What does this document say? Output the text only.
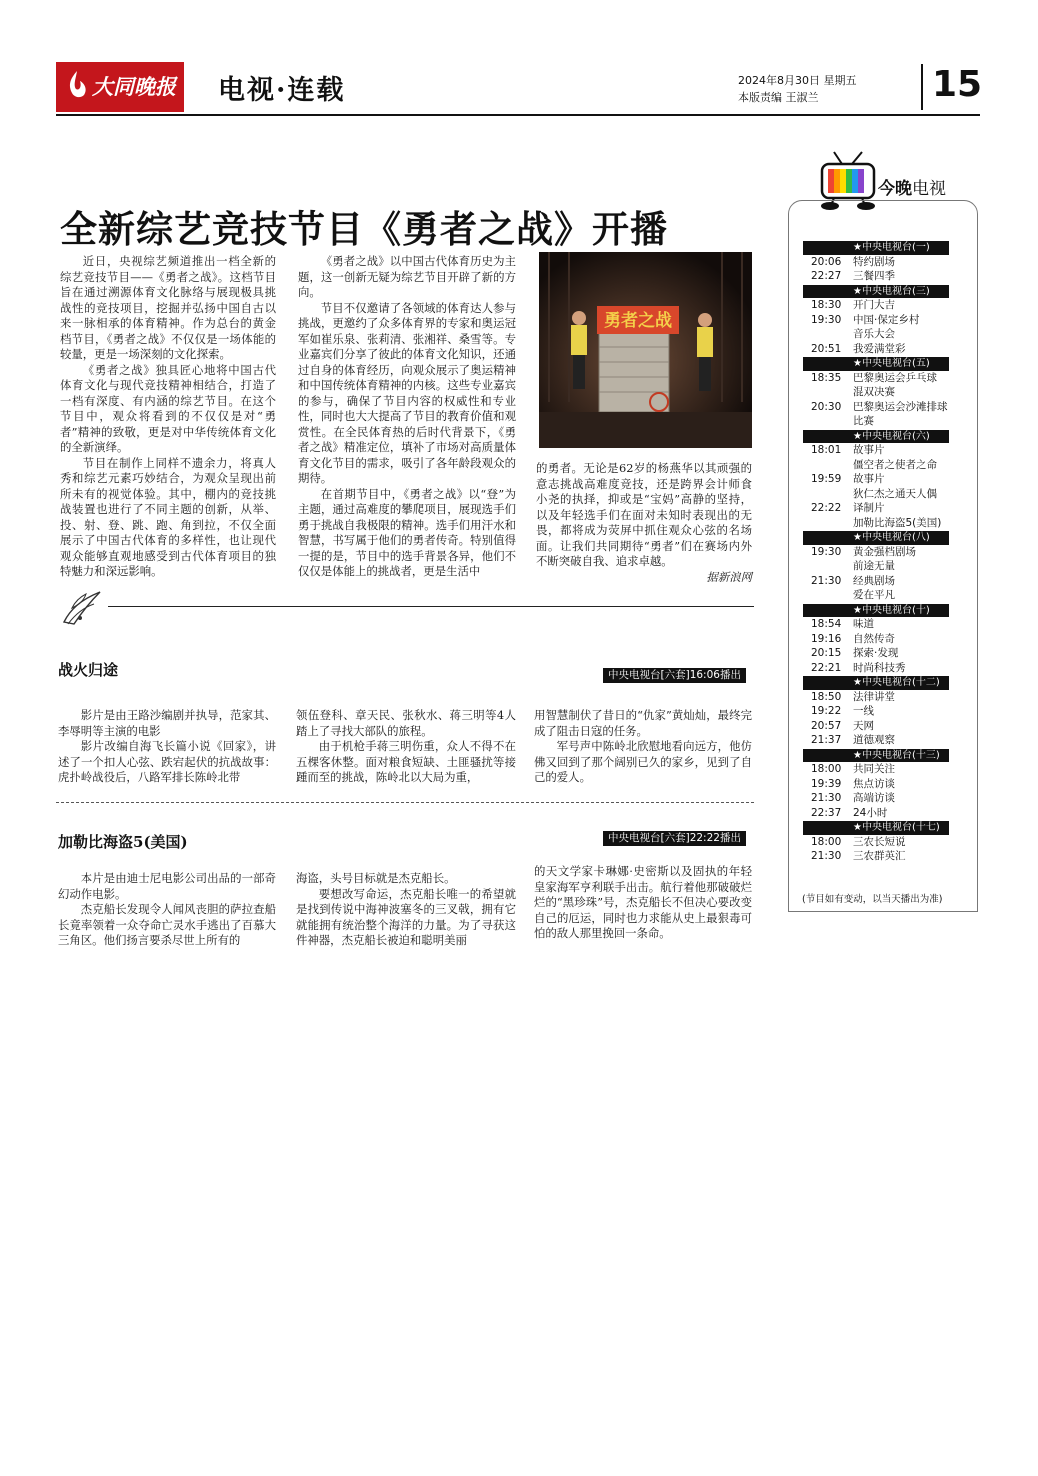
大同晚报 电视·连载	2024年8月30日 星期五
本版责编 王淑兰	15
全新综艺竞技节目《勇者之战》开播

近日，央视综艺频道推出一档全新的综艺竞技节目——《勇者之战》。这档节目旨在通过溯源体育文化脉络与展现极具挑战性的竞技项目，挖掘并弘扬中国自古以来一脉相承的体育精神。作为总台的黄金档节目，《勇者之战》不仅仅是一场体能的较量，更是一场深刻的文化探索。

《勇者之战》独具匠心地将中国古代体育文化与现代竞技精神相结合，打造了一档有深度、有内涵的综艺节目。在这个节目中，观众将看到的不仅仅是对“勇者”精神的致敬，更是对中华传统体育文化的全新演绎。

节目在制作上同样不遗余力，将真人秀和综艺元素巧妙结合，为观众呈现出前所未有的视觉体验。其中，棚内的竞技挑战装置也进行了不同主题的创新，从举、投、射、登、跳、跑、角到拉，不仅全面展示了中国古代体育的多样性，也让现代观众能够直观地感受到古代体育项目的独特魅力和深远影响。

《勇者之战》以中国古代体育历史为主题，这一创新无疑为综艺节目开辟了新的方向。

节目不仅邀请了各领域的体育达人参与挑战，更邀约了众多体育界的专家和奥运冠军如崔乐泉、张莉清、张湘祥、桑雪等。专业嘉宾们分享了彼此的体育文化知识，还通过自身的体育经历，向观众展示了奥运精神和中国传统体育精神的内核。这些专业嘉宾的参与，确保了节目内容的权威性和专业性，同时也大大提高了节目的教育价值和观赏性。在全民体育热的后时代背景下，《勇者之战》精准定位，填补了市场对高质量体育文化节目的需求，吸引了各年龄段观众的期待。

在首期节目中，《勇者之战》以“登”为主题，通过高难度的攀爬项目，展现选手们勇于挑战自我极限的精神。选手们用汗水和智慧，书写属于他们的勇者传奇。特别值得一提的是，节目中的选手背景各异，他们不仅仅是体能上的挑战者，更是生活中

勇者之战
的勇者。无论是62岁的杨燕华以其顽强的意志挑战高难度竞技，还是跨界会计师食小尧的执择，抑或是“宝妈”高静的坚持，以及年轻选手们在面对未知时表现出的无畏，都将成为荧屏中抓住观众心弦的名场面。让我们共同期待“勇者”们在赛场内外不断突破自我、追求卓越。
据新浪网
战火归途	中央电视台[六套]16:06播出

影片是由王路沙编剧并执导，范家其、李辱明等主演的电影

影片改编自海飞长篇小说《回家》，讲述了一个扣人心弦、跌宕起伏的抗战故事：虎扑岭战役后，八路军排长陈岭北带

领伍登科、章天民、张秋水、蒋三明等4人踏上了寻找大部队的旅程。

由于机枪手蒋三明伤重，众人不得不在五棵客休整。面对粮食短缺、土匪骚扰等接踵而至的挑战，陈岭北以大局为重，

用智慧制伏了昔日的“仇家”黄灿灿，最终完成了阻击日寇的任务。

军号声中陈岭北欣慰地看向远方，他仿佛又回到了那个阔别已久的家乡，见到了自己的爱人。

加勒比海盗5(美国)	中央电视台[六套]22:22播出

本片是由迪士尼电影公司出品的一部奇幻动作电影。

杰克船长发现令人闻风丧胆的萨拉查船长竟率领着一众夺命亡灵水手逃出了百慕大三角区。他们扬言要杀尽世上所有的

海盗，头号目标就是杰克船长。

要想改写命运，杰克船长唯一的希望就是找到传说中海神波塞冬的三叉戟，拥有它就能拥有统治整个海洋的力量。为了寻获这件神器，杰克船长被迫和聪明美丽

的天文学家卡琳娜·史密斯以及固执的年轻皇家海军亨利联手出击。航行着他那破破烂烂的“黑珍珠”号，杰克船长不但决心要改变自己的厄运，同时也力求能从史上最狠毒可怕的敌人那里挽回一条命。
今晚电视
★中央电视台(一)
20:06 特约剧场
22:27 三餐四季
★中央电视台(三)
18:30 开门大吉
19:30 中国·保定乡村
音乐大会
20:51 我爱满堂彩
★中央电视台(五)
18:35 巴黎奥运会乒乓球
混双决赛
20:30 巴黎奥运会沙滩排球
比赛
★中央电视台(六)
18:01 故事片
僵空者之使者之命
19:59 故事片
狄仁杰之通天人偶
22:22 译制片
加勒比海盗5(美国)
★中央电视台(八)
19:30 黄金强档剧场
前途无量
21:30 经典剧场
爱在平凡
★中央电视台(十)
18:54 味道
19:16 自然传奇
20:15 探索·发现
22:21 时尚科技秀
★中央电视台(十二)
18:50 法律讲堂
19:22 一线
20:57 天网
21:37 道德观察
★中央电视台(十三)
18:00 共同关注
19:39 焦点访谈
21:30 高端访谈
22:37 24小时
★中央电视台(十七)
18:00 三农长短说
21:30 三农群英汇
(节目如有变动，以当天播出为准)
